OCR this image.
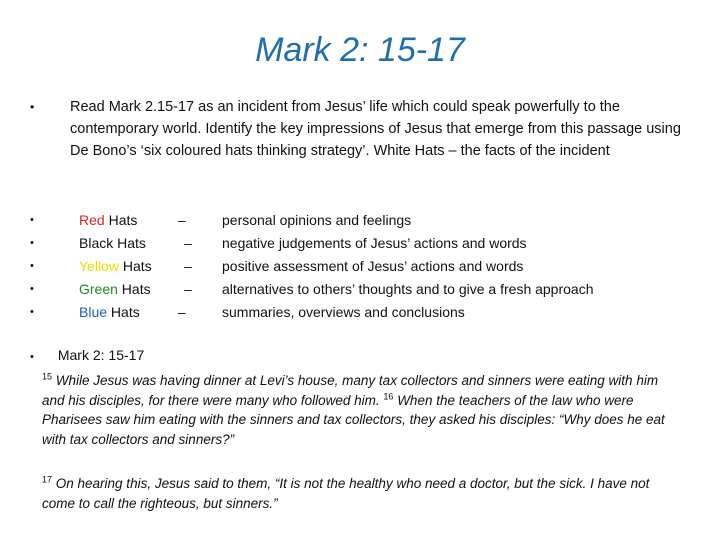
Mark 2: 15-17
• Read Mark 2.15-17 as an incident from Jesus’ life which could speak powerfully to the contemporary world. Identify the key impressions of Jesus that emerge from this passage using De Bono’s ‘six coloured hats thinking strategy’. White Hats – the facts of the incident
•	Red Hats	–	personal opinions and feelings
•	Black Hats	– negative judgements of Jesus’ actions and words
•	Yellow Hats – positive assessment of Jesus’ actions and words
•	Green Hats – alternatives to others’ thoughts and to give a fresh approach
•	Blue Hats	–	summaries, overviews and conclusions
• Mark 2: 15-17
$^{15}$ While Jesus was having dinner at Levi’s house, many tax collectors and sinners were eating with him and his disciples, for there were many who followed him. $^{16}$ When the teachers of the law who were Pharisees saw him eating with the sinners and tax collectors, they asked his disciples: “Why does he eat with tax collectors and sinners?”
$^{17}$ On hearing this, Jesus said to them, “It is not the healthy who need a doctor, but the sick. I have not come to call the righteous, but sinners.”
